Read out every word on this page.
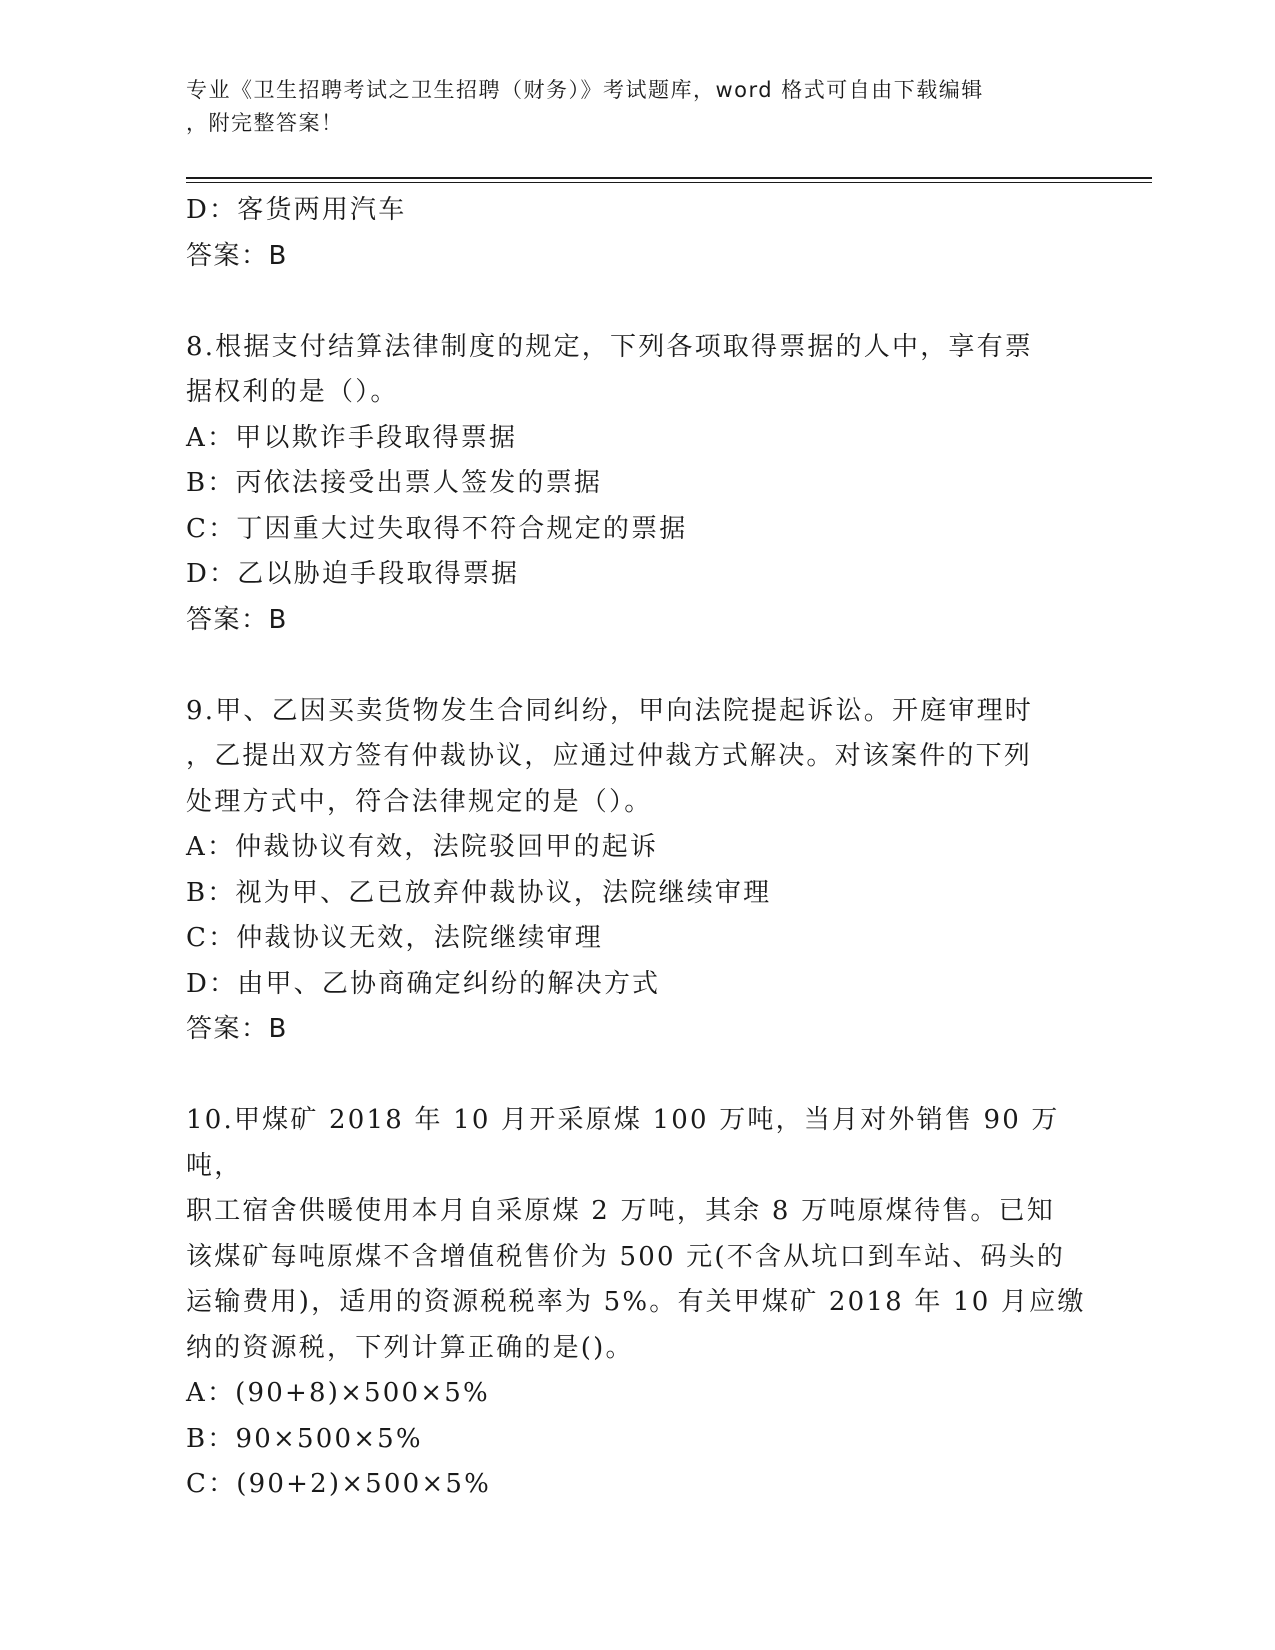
专业《卫生招聘考试之卫生招聘（财务）》考试题库，word 格式可自由下载编辑

，附完整答案！

D：客货两用汽车

答案：B

8.根据支付结算法律制度的规定，下列各项取得票据的人中，享有票

据权利的是（）。

A：甲以欺诈手段取得票据

B：丙依法接受出票人签发的票据

C：丁因重大过失取得不符合规定的票据

D：乙以胁迫手段取得票据

答案：B

9.甲、乙因买卖货物发生合同纠纷，甲向法院提起诉讼。开庭审理时

，乙提出双方签有仲裁协议，应通过仲裁方式解决。对该案件的下列

处理方式中，符合法律规定的是（）。

A：仲裁协议有效，法院驳回甲的起诉

B：视为甲、乙已放弃仲裁协议，法院继续审理

C：仲裁协议无效，法院继续审理

D：由甲、乙协商确定纠纷的解决方式

答案：B

10.甲煤矿 2018 年 10 月开采原煤 100 万吨，当月对外销售 90 万吨，

职工宿舍供暖使用本月自采原煤 2 万吨，其余 8 万吨原煤待售。已知

该煤矿每吨原煤不含增值税售价为 500 元(不含从坑口到车站、码头的

运输费用)，适用的资源税税率为 5%。有关甲煤矿 2018 年 10 月应缴

纳的资源税，下列计算正确的是()。

A：(90+8)×500×5%

B：90×500×5%

C：(90+2)×500×5%
